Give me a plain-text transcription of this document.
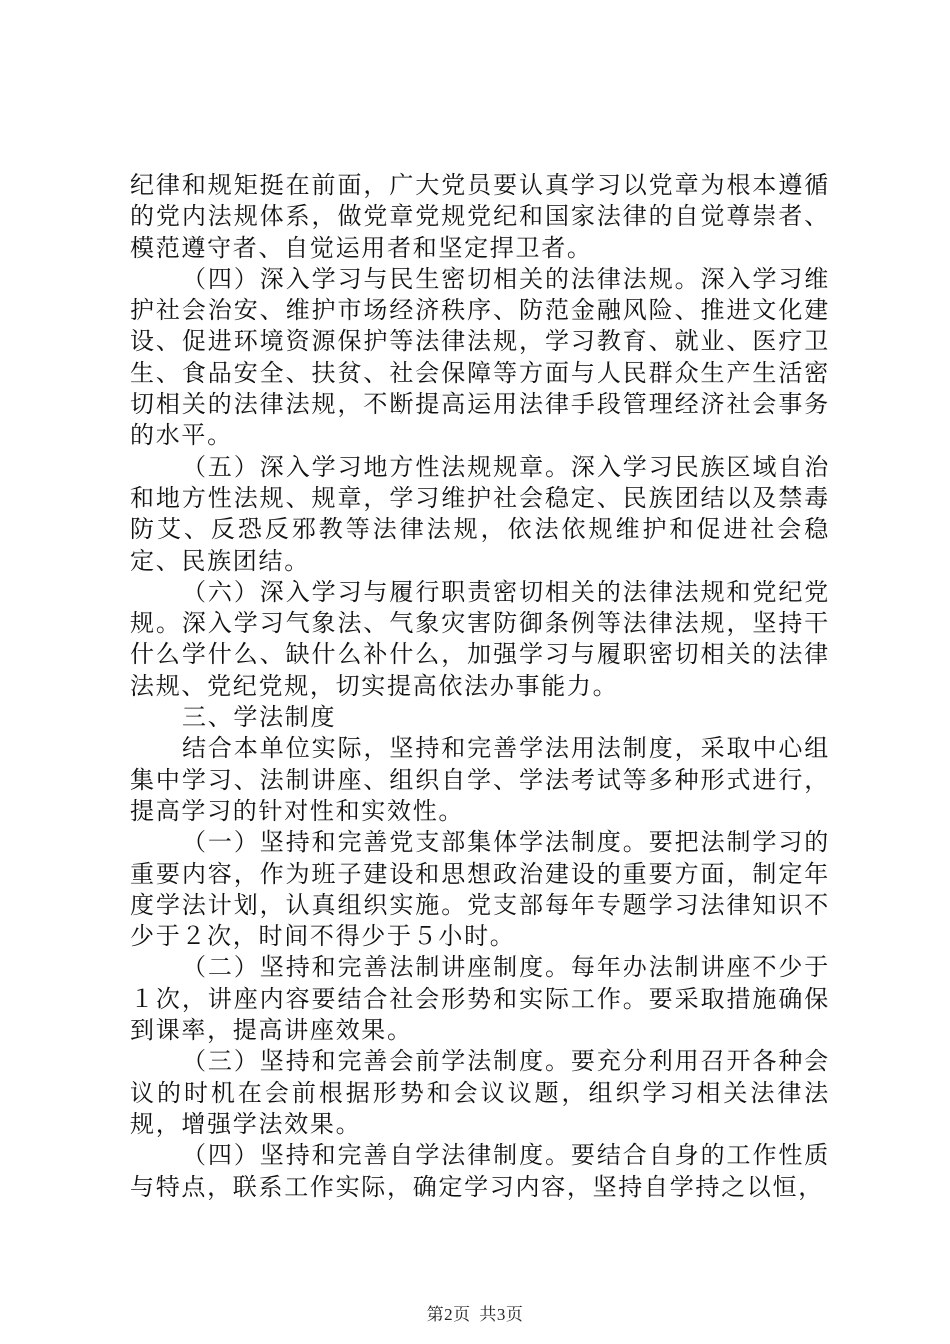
纪律和规矩挺在前面，广大党员要认真学习以党章为根本遵循的党内法规体系，做党章党规党纪和国家法律的自觉尊崇者、模范遵守者、自觉运用者和坚定捍卫者。

（四）深入学习与民生密切相关的法律法规。深入学习维护社会治安、维护市场经济秩序、防范金融风险、推进文化建设、促进环境资源保护等法律法规，学习教育、就业、医疗卫生、食品安全、扶贫、社会保障等方面与人民群众生产生活密切相关的法律法规，不断提高运用法律手段管理经济社会事务的水平。

（五）深入学习地方性法规规章。深入学习民族区域自治和地方性法规、规章，学习维护社会稳定、民族团结以及禁毒防艾、反恐反邪教等法律法规，依法依规维护和促进社会稳定、民族团结。

（六）深入学习与履行职责密切相关的法律法规和党纪党规。深入学习气象法、气象灾害防御条例等法律法规，坚持干什么学什么、缺什么补什么，加强学习与履职密切相关的法律法规、党纪党规，切实提高依法办事能力。

三、学法制度

结合本单位实际，坚持和完善学法用法制度，采取中心组集中学习、法制讲座、组织自学、学法考试等多种形式进行，提高学习的针对性和实效性。

（一）坚持和完善党支部集体学法制度。要把法制学习的重要内容，作为班子建设和思想政治建设的重要方面，制定年度学法计划，认真组织实施。党支部每年专题学习法律知识不少于２次，时间不得少于５小时。

（二）坚持和完善法制讲座制度。每年办法制讲座不少于１次，讲座内容要结合社会形势和实际工作。要采取措施确保到课率，提高讲座效果。

（三）坚持和完善会前学法制度。要充分利用召开各种会议的时机在会前根据形势和会议议题，组织学习相关法律法规，增强学法效果。

（四）坚持和完善自学法律制度。要结合自身的工作性质与特点，联系工作实际，确定学习内容，坚持自学持之以恒，

第2页 共3页
